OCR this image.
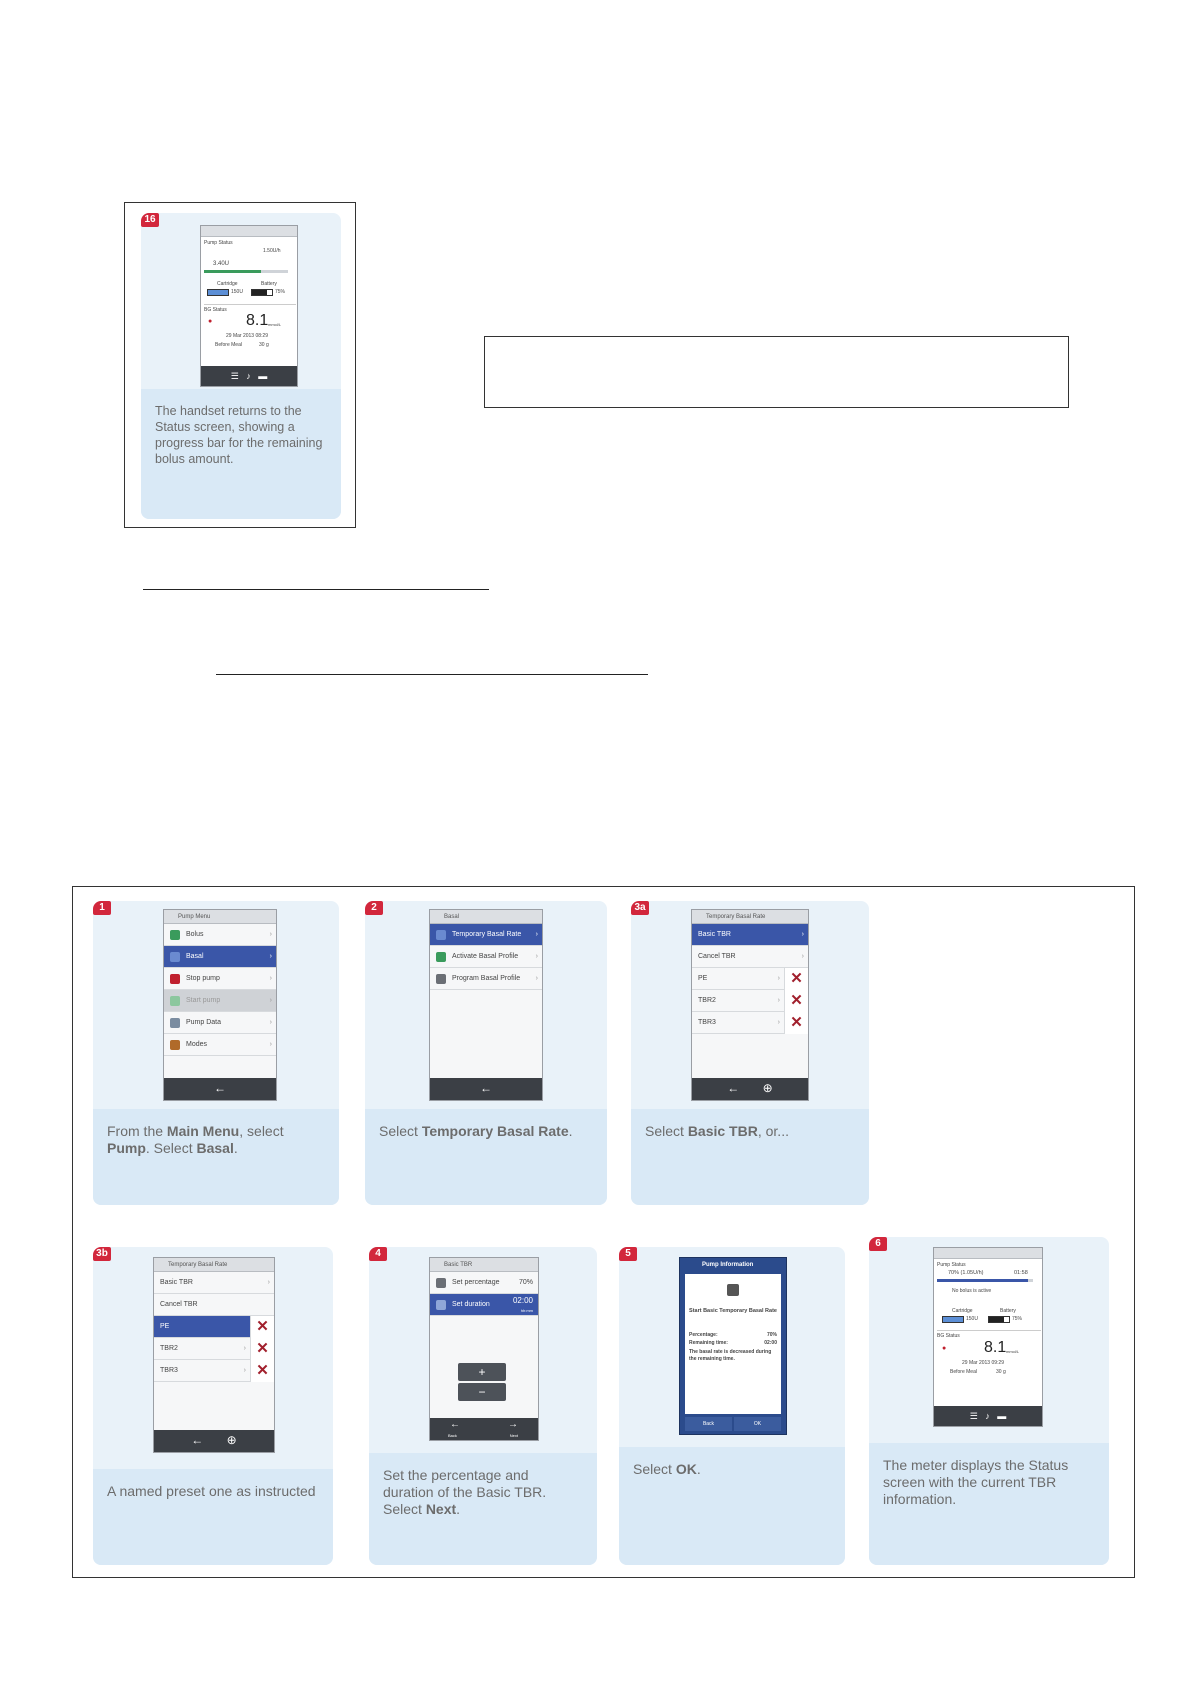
16
Pump Status
1.50U/h
3.40U
Cartridge	Battery
150U	75%
BG Status
● 8.1 mmol/L
29 Mar 2013 08:29
Before Meal	30 g
☰   ♪   ▬
The handset returns to the Status screen, showing a progress bar for the remaining bolus amount.
1
Pump Menu
Bolus	›
Basal	›
Stop pump	›
Start pump	›
Pump Data	›
Modes	›
←
From the Main Menu, select Pump. Select Basal.
2
Basal
Temporary Basal Rate ›
Activate Basal Profile	›
Program Basal Profile ›
←
Select Temporary Basal Rate.
3a
Temporary Basal Rate
Basic TBR	›
Cancel TBR	›
PE	› ✕
TBR2	› ✕
TBR3	› ✕
←       ⊕
Select Basic TBR, or...
3b
Temporary Basal Rate
Basic TBR	›
Cancel TBR
PE	✕
TBR2	› ✕
TBR3	› ✕
←       ⊕
A named preset one as instructed
4
Basic TBR
Set percentage	70%
Set duration	02:00
hh:mm
+
−
←
Back
→
Next
Set the percentage and duration of the Basic TBR. Select Next.
5
Pump Information
Start Basic Temporary Basal Rate
Percentage:	70%
Remaining time:	02:00
The basal rate is decreased during the remaining time.
Back	OK
Select OK.
6
Pump Status
70% (1.05U/h)	01:58
No bolus is active
Cartridge	Battery
150U	75%
BG Status
● 8.1 mmol/L
29 Mar 2013 09:29
Before Meal	30 g
☰   ♪   ▬
The meter displays the Status screen with the current TBR information.
